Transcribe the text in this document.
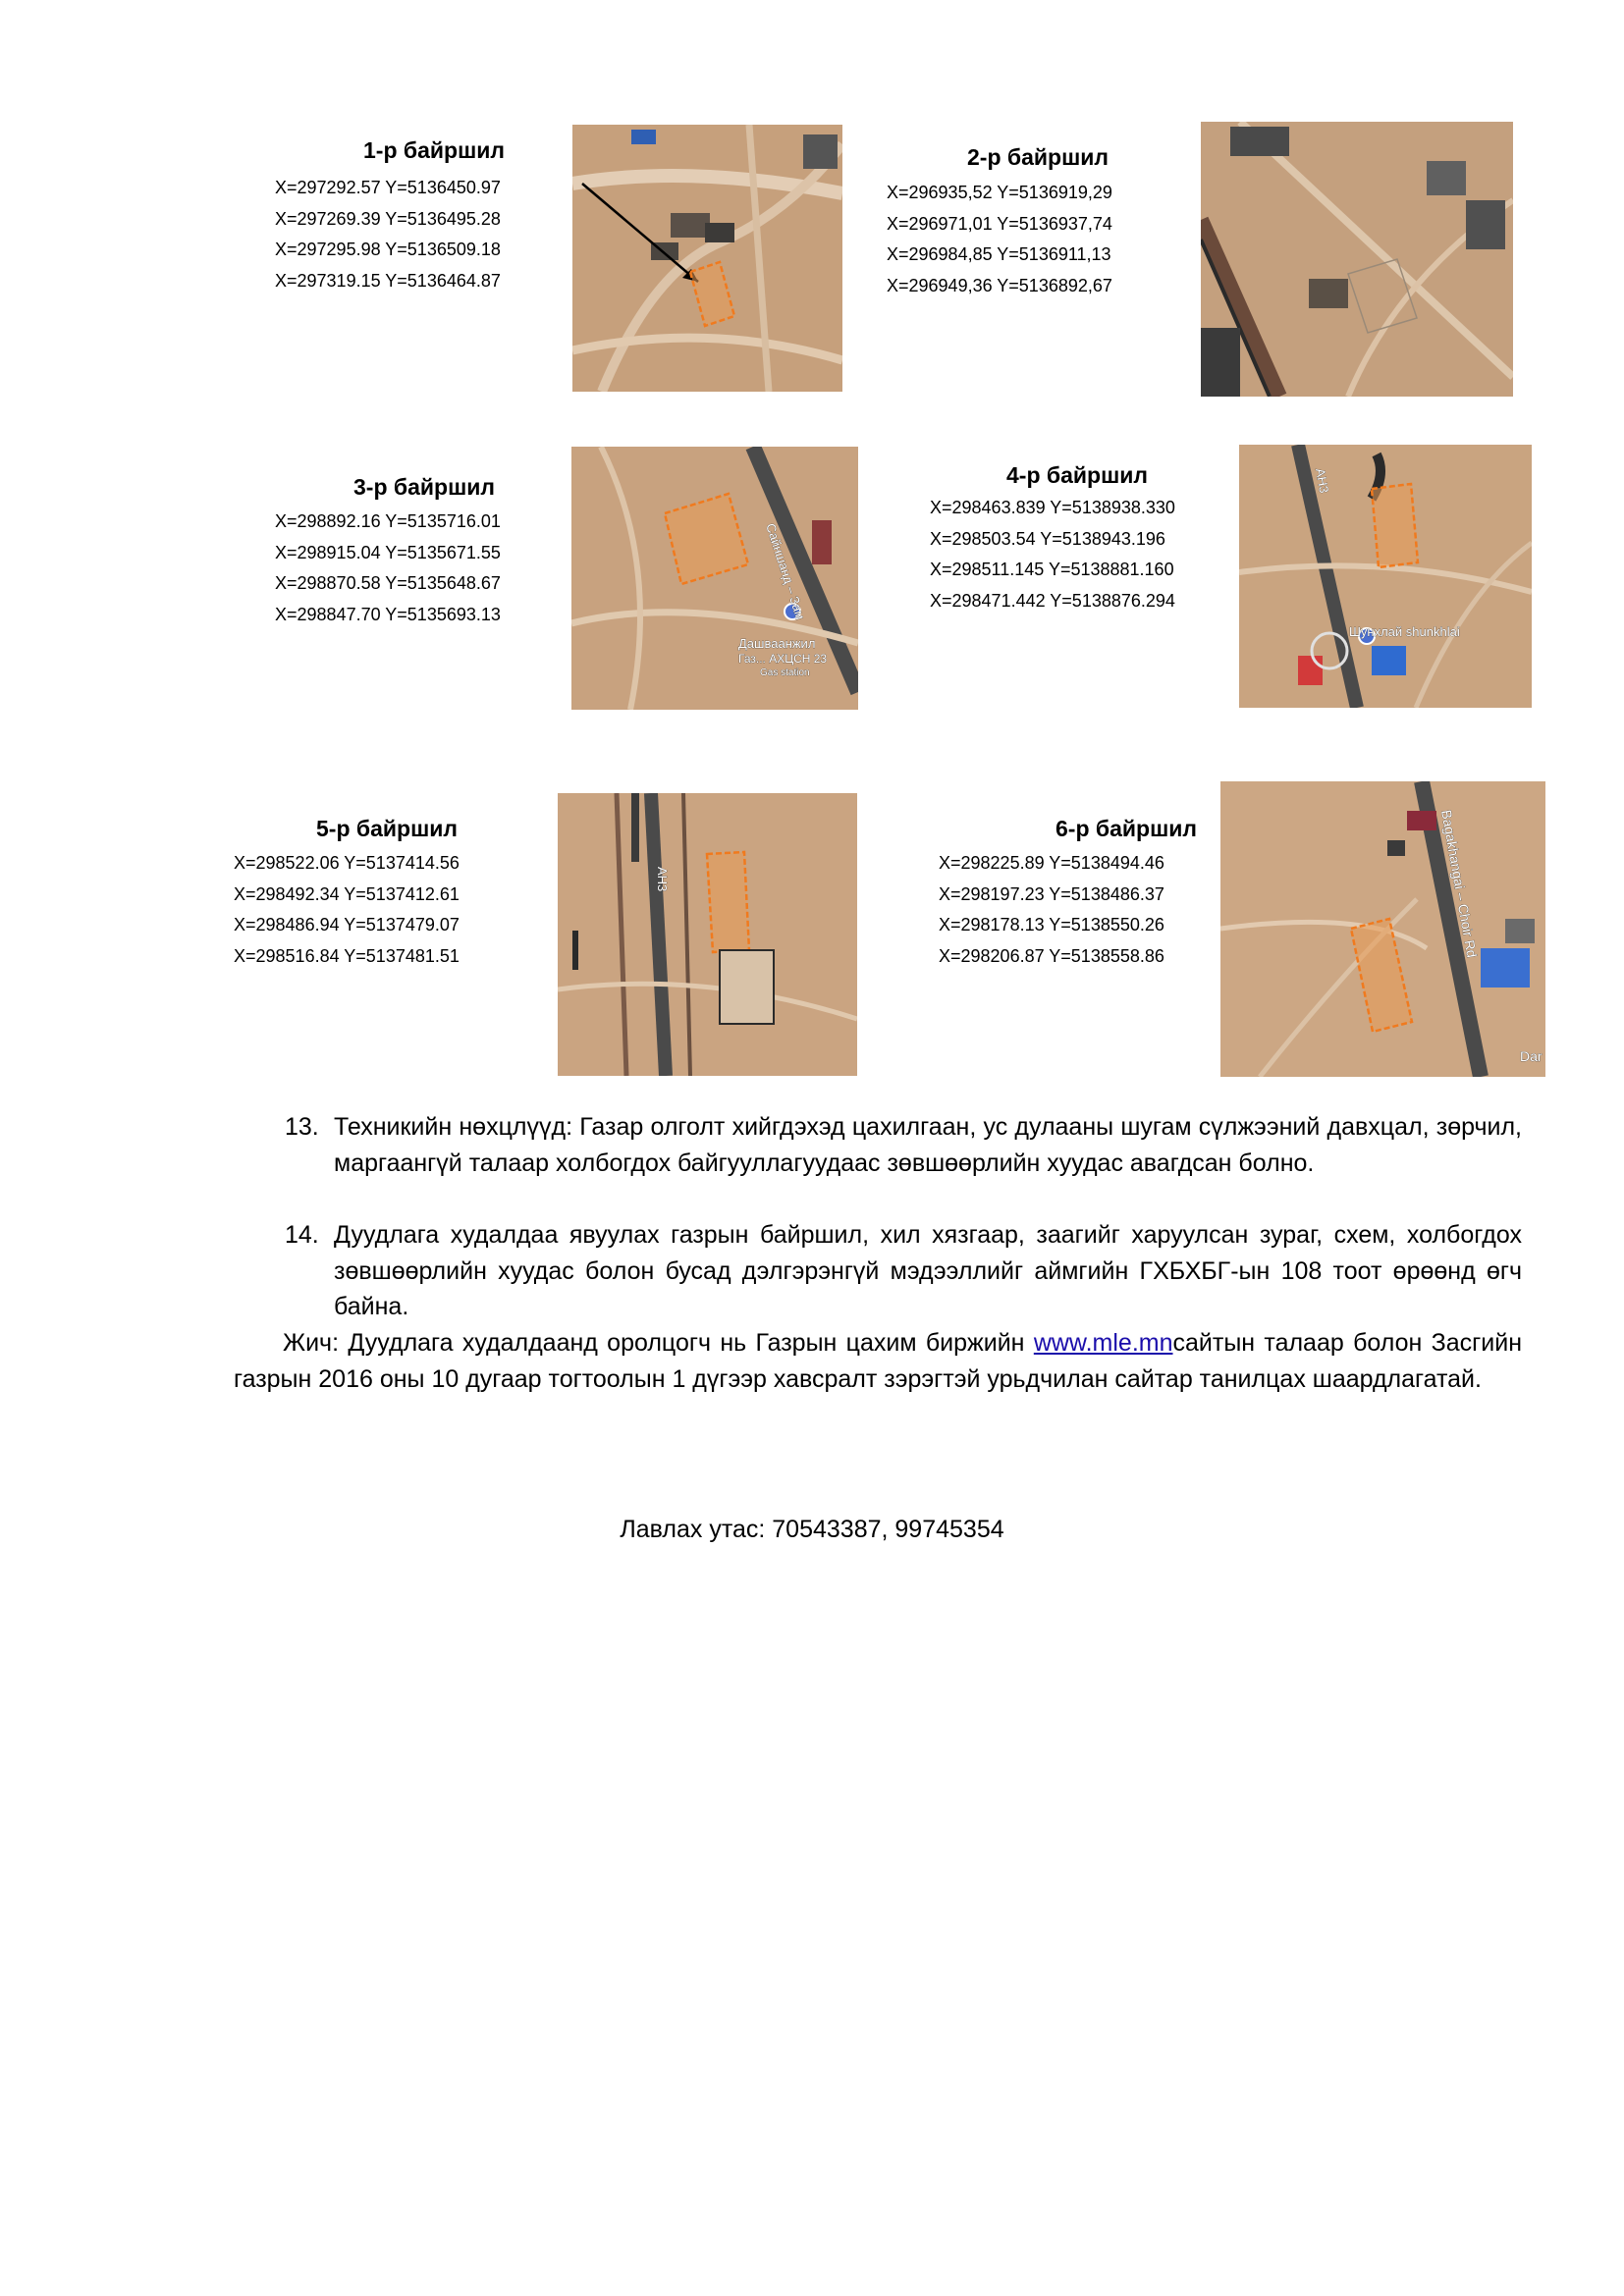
1-р байршил
X=297292.57 Y=5136450.97
X=297269.39 Y=5136495.28
X=297295.98 Y=5136509.18
X=297319.15 Y=5136464.87
2-р байршил
X=296935,52 Y=5136919,29
X=296971,01 Y=5136937,74
X=296984,85 Y=5136911,13
X=296949,36 Y=5136892,67
3-р байршил
X=298892.16 Y=5135716.01
X=298915.04 Y=5135671.55
X=298870.58 Y=5135648.67
X=298847.70 Y=5135693.13	Сайншанд – Зам
Дашваанжил
Газ... АХЦСН 23
Gas station
4-р байршил
X=298463.839 Y=5138938.330
X=298503.54 Y=5138943.196
X=298511.145 Y=5138881.160
X=298471.442 Y=5138876.294
AH3
Шунхлай shunkhlai
5-р байршил
X=298522.06 Y=5137414.56
X=298492.34 Y=5137412.61
X=298486.94 Y=5137479.07
X=298516.84 Y=5137481.51
AH3
6-р байршил
X=298225.89 Y=5138494.46
X=298197.23 Y=5138486.37
X=298178.13 Y=5138550.26
X=298206.87 Y=5138558.86	Bagakhangai – Choir Rd
Dar
13. Техникийн нөхцлүүд: Газар олголт хийгдэхэд цахилгаан, ус дулааны шугам сүлжээний давхцал, зөрчил, маргаангүй талаар холбогдох байгууллагуудаас зөвшөөрлийн хуудас авагдсан болно.
14. Дуудлага худалдаа явуулах газрын байршил, хил хязгаар, заагийг харуулсан зураг, схем, холбогдох зөвшөөрлийн хуудас болон бусад дэлгэрэнгүй мэдээллийг аймгийн ГХБХБГ-ын 108 тоот өрөөнд өгч байна.
Жич: Дуудлага худалдаанд оролцогч нь Газрын цахим биржийн www.mle.mnсайтын талаар болон Засгийн газрын 2016 оны 10 дугаар тогтоолын 1 дүгээр хавсралт зэрэгтэй урьдчилан сайтар танилцах шаардлагатай.
Лавлах утас: 70543387, 99745354
